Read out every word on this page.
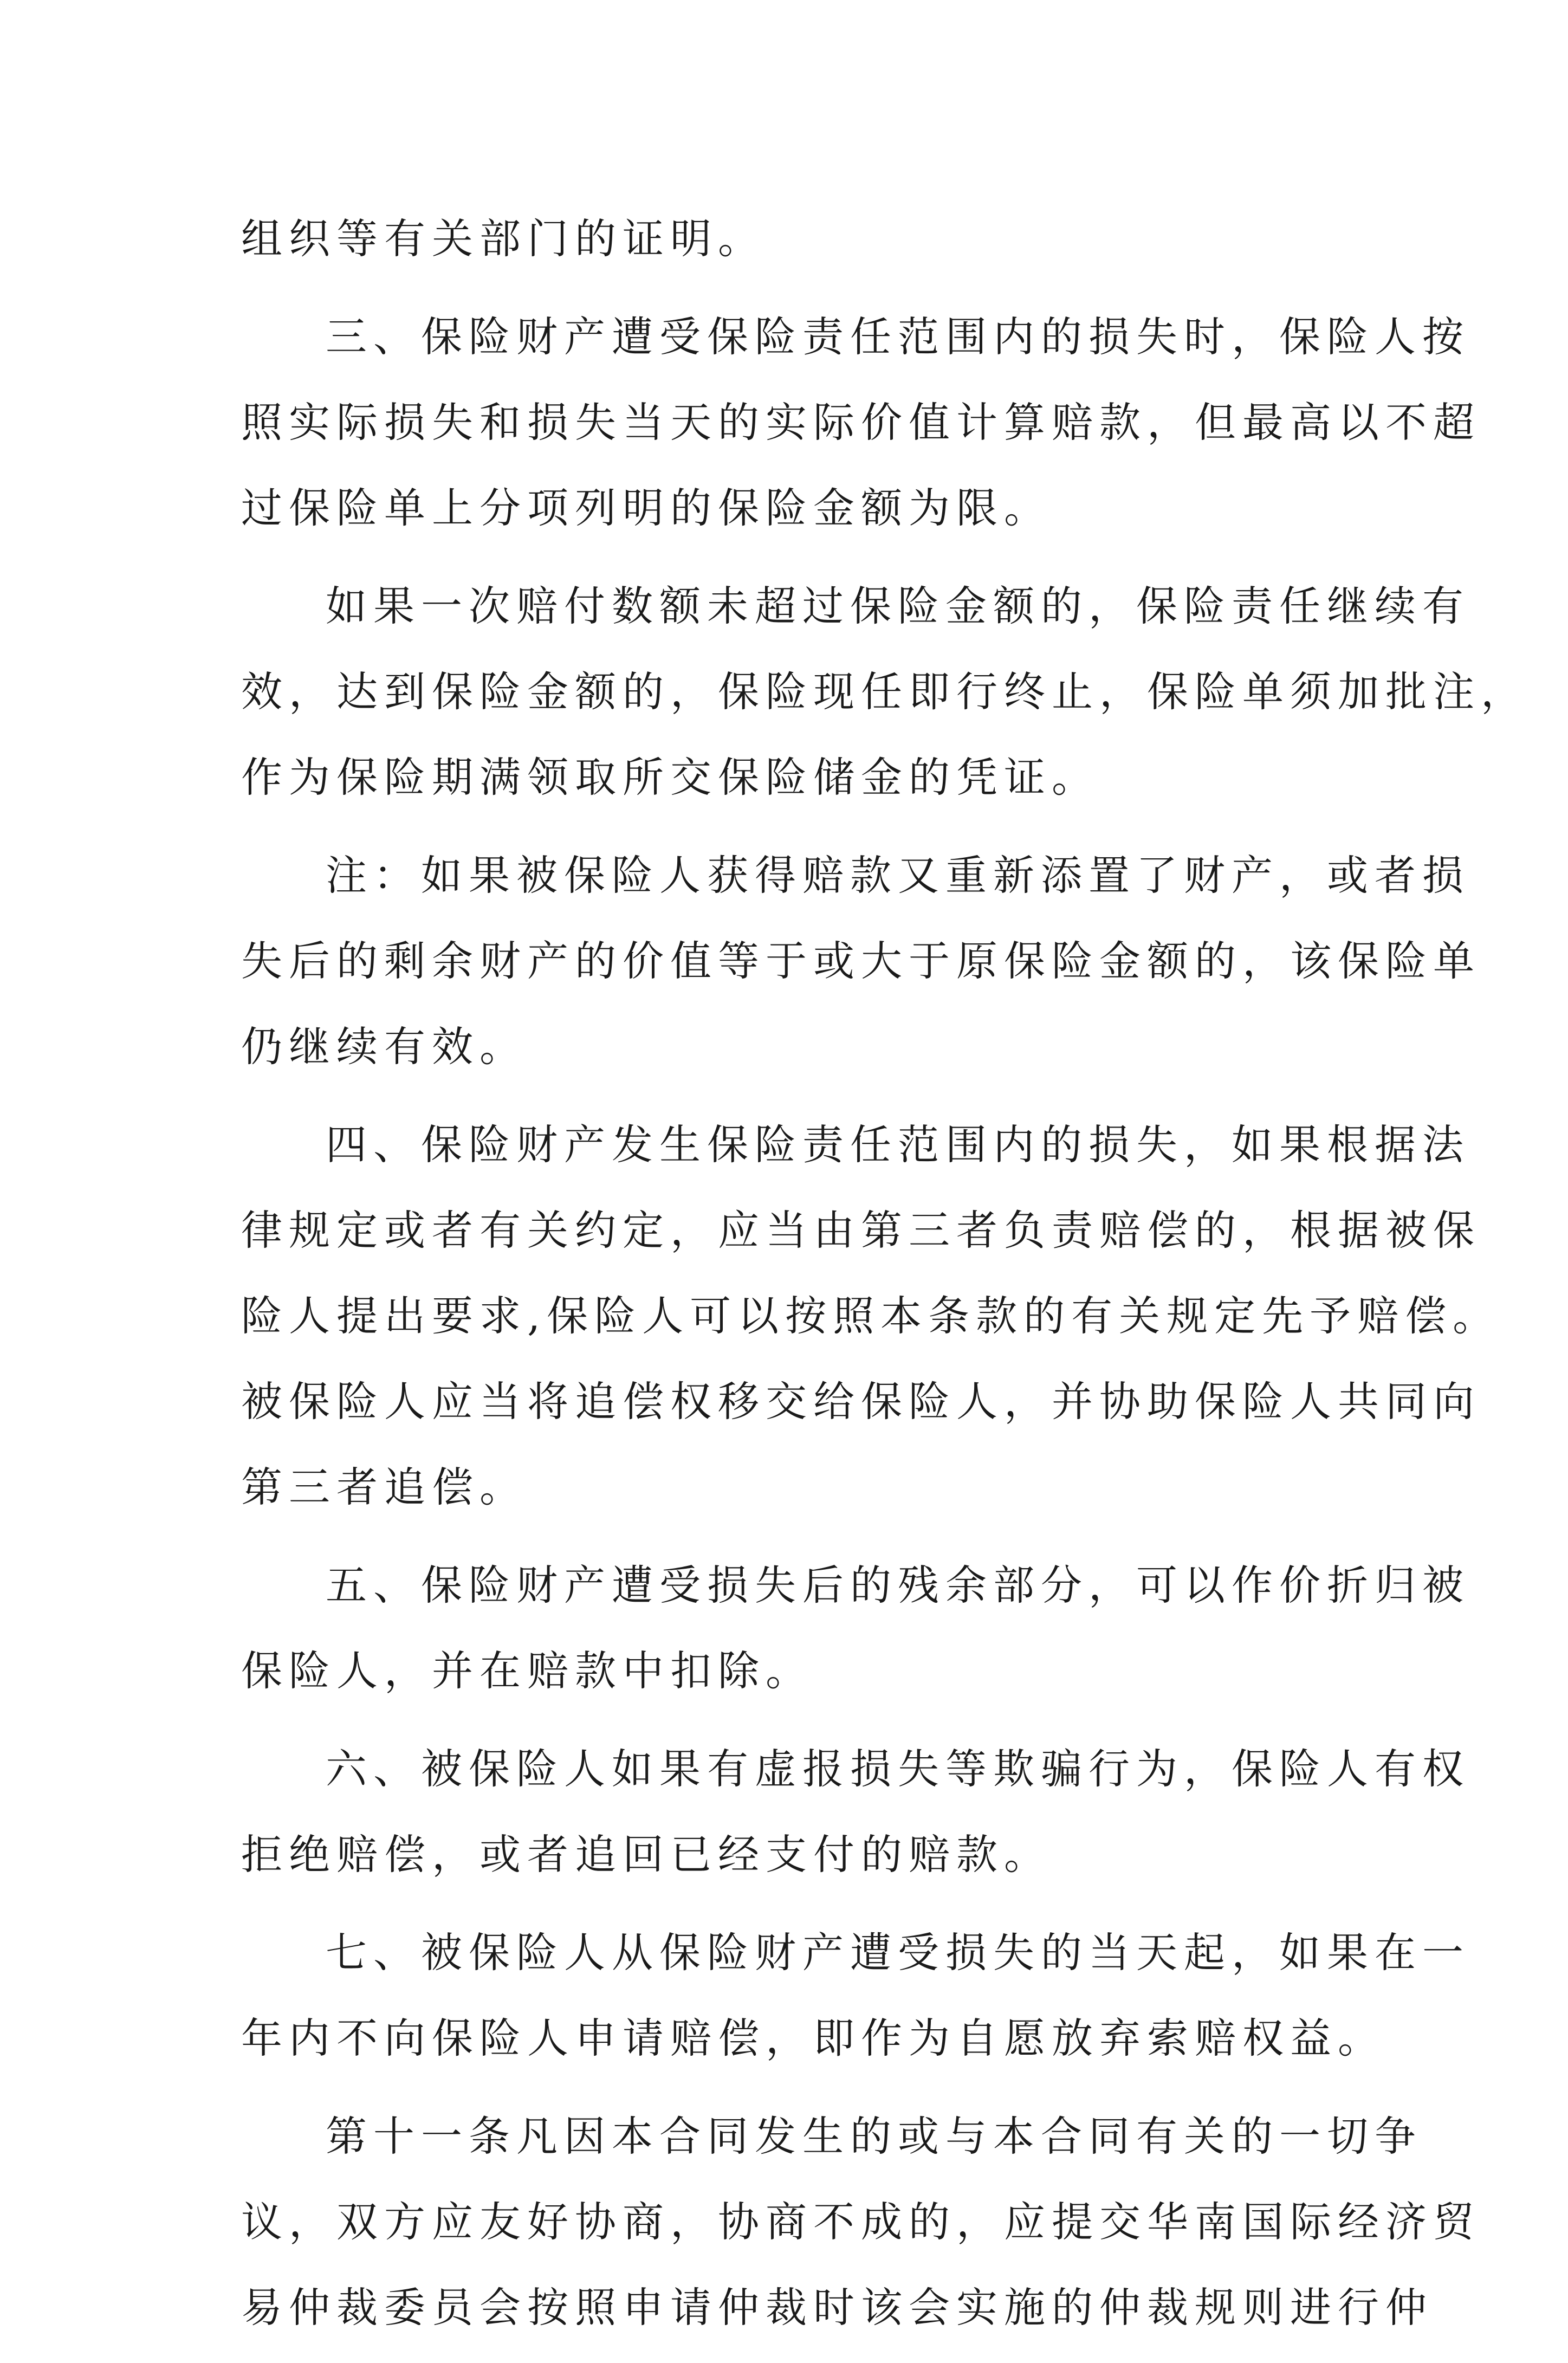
组织等有关部门的证明。

三、保险财产遭受保险责任范围内的损失时，保险人按
照实际损失和损失当天的实际价值计算赔款，但最高以不超
过保险单上分项列明的保险金额为限。

如果一次赔付数额未超过保险金额的，保险责任继续有
效，达到保险金额的，保险现任即行终止，保险单须加批注，
作为保险期满领取所交保险储金的凭证。

注：如果被保险人获得赔款又重新添置了财产，或者损
失后的剩余财产的价值等于或大于原保险金额的，该保险单
仍继续有效。

四、保险财产发生保险责任范围内的损失，如果根据法
律规定或者有关约定，应当由第三者负责赔偿的，根据被保
险人提出要求,保险人可以按照本条款的有关规定先予赔偿。
被保险人应当将追偿权移交给保险人，并协助保险人共同向
第三者追偿。

五、保险财产遭受损失后的残余部分，可以作价折归被
保险人，并在赔款中扣除。

六、被保险人如果有虚报损失等欺骗行为，保险人有权
拒绝赔偿，或者追回已经支付的赔款。

七、被保险人从保险财产遭受损失的当天起，如果在一
年内不向保险人申请赔偿，即作为自愿放弃索赔权益。

第十一条凡因本合同发生的或与本合同有关的一切争
议，双方应友好协商，协商不成的，应提交华南国际经济贸
易仲裁委员会按照申请仲裁时该会实施的仲裁规则进行仲
